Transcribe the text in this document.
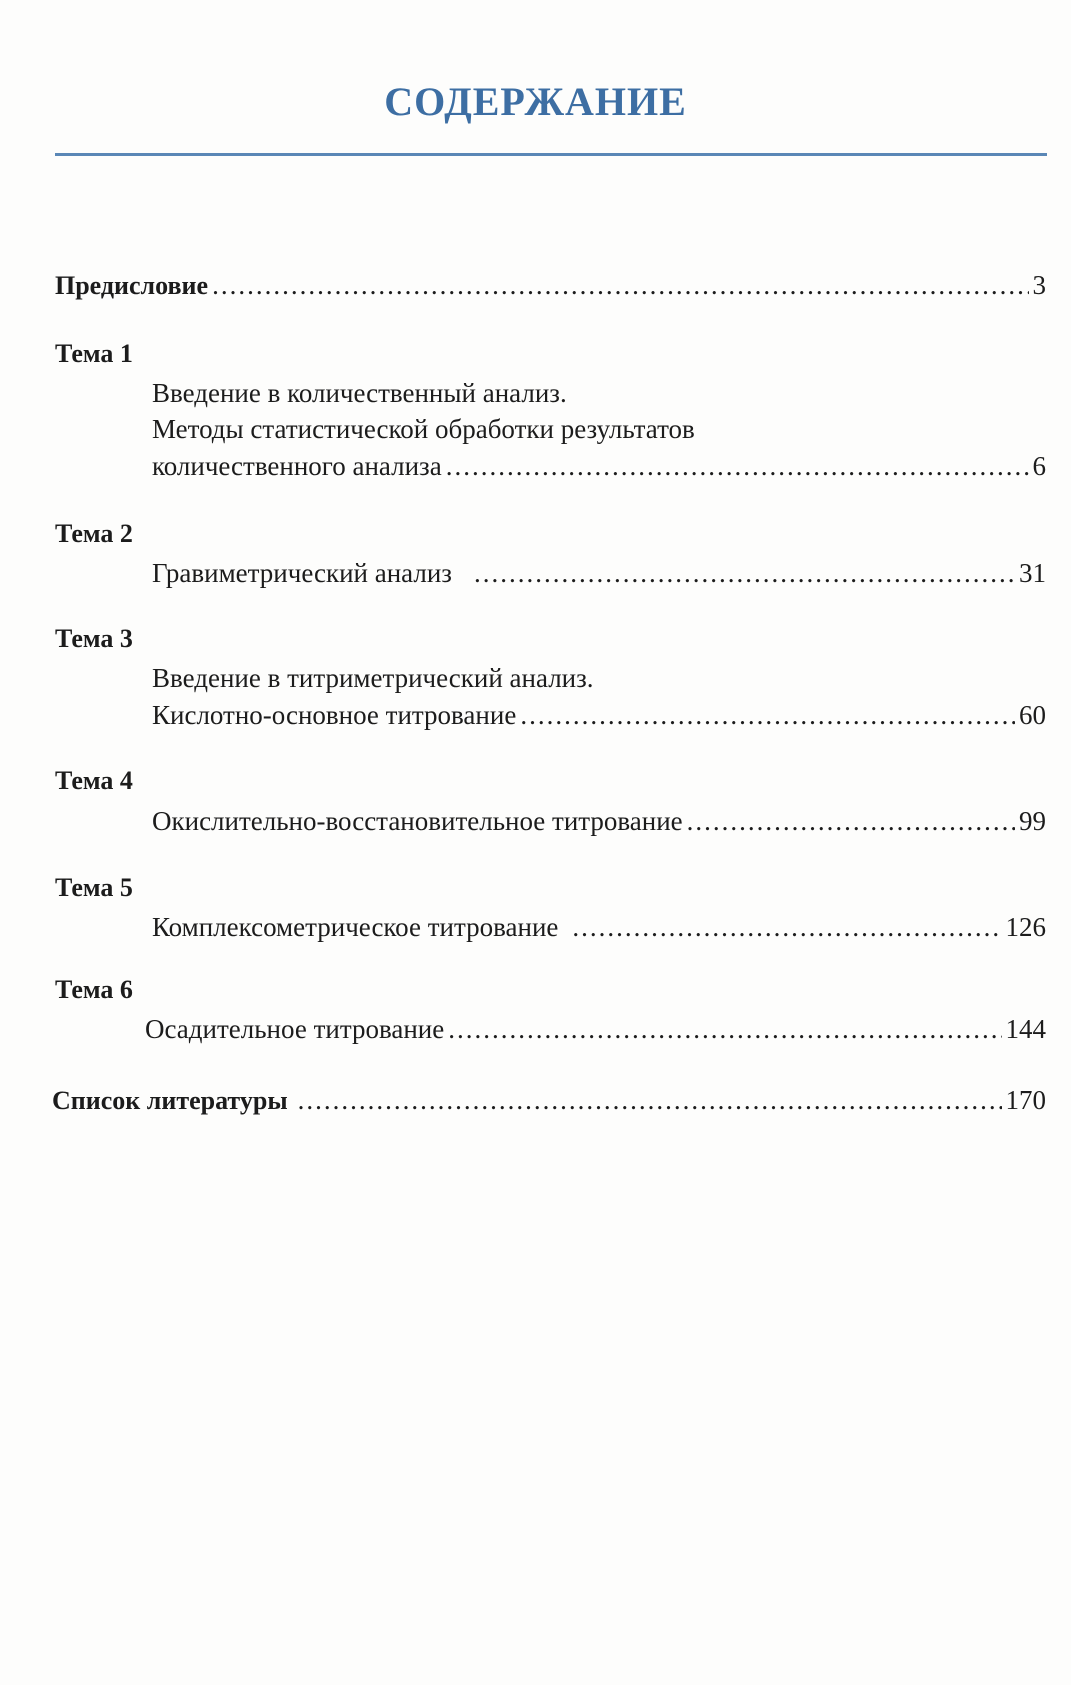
СОДЕРЖАНИЕ
Предисловие .....	3
Тема 1
Введение в количественный анализ.
Методы статистической обработки результатов
количественного анализа .....	6
Тема 2
Гравиметрический анализ .....	31
Тема 3
Введение в титриметрический анализ.
Кислотно-основное титрование .....	60
Тема 4
Окислительно-восстановительное титрование .....	99
Тема 5
Комплексометрическое титрование .....	126
Тема 6
Осадительное титрование .....	144
Список литературы .....	170
